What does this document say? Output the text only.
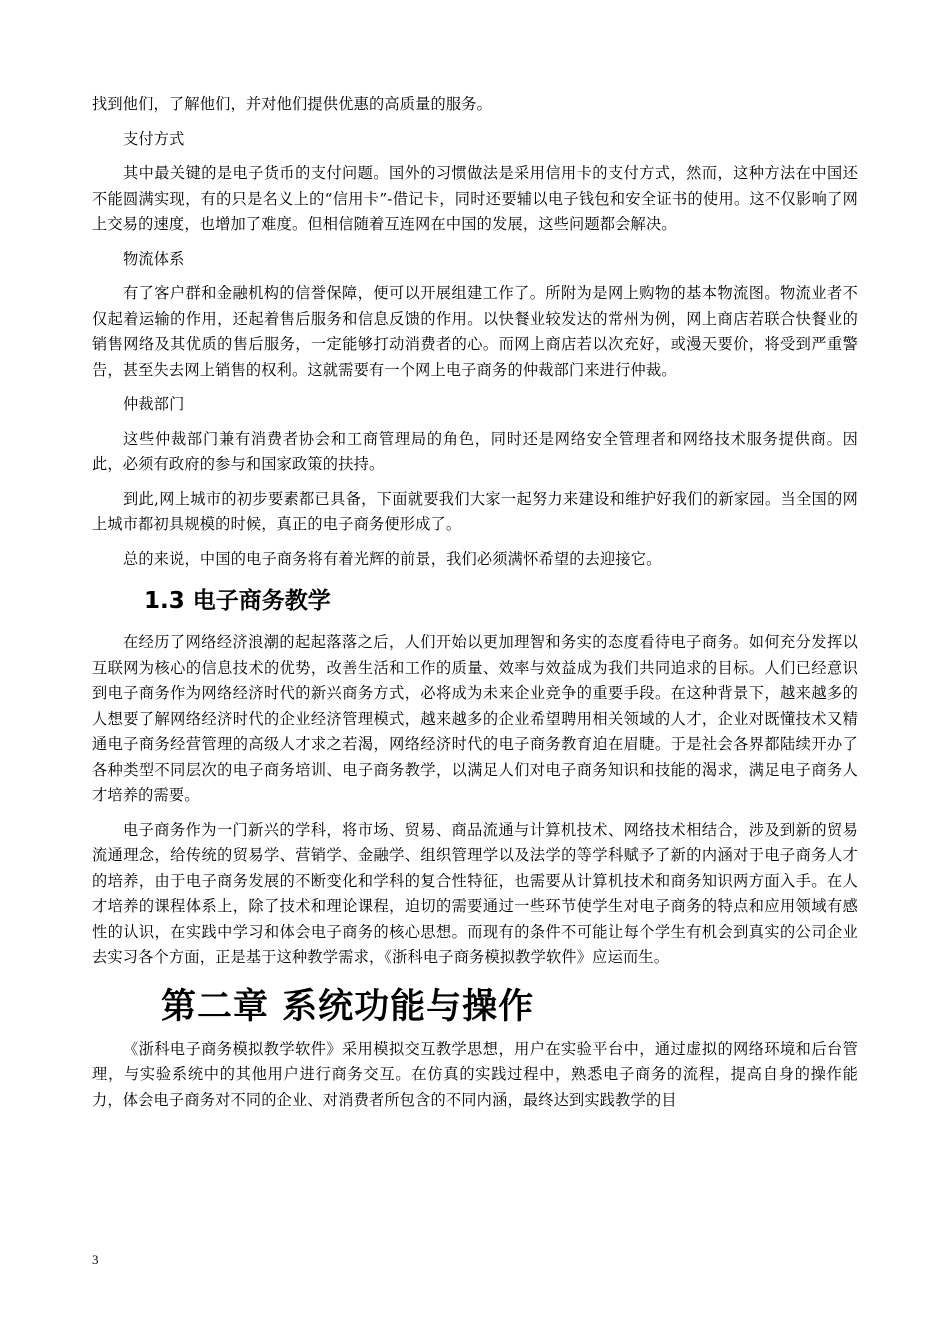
找到他们，了解他们，并对他们提供优惠的高质量的服务。

支付方式

其中最关键的是电子货币的支付问题。国外的习惯做法是采用信用卡的支付方式，然而，这种方法在中国还不能圆满实现，有的只是名义上的“信用卡”-借记卡，同时还要辅以电子钱包和安全证书的使用。这不仅影响了网上交易的速度，也增加了难度。但相信随着互连网在中国的发展，这些问题都会解决。

物流体系

有了客户群和金融机构的信誉保障，便可以开展组建工作了。所附为是网上购物的基本物流图。物流业者不仅起着运输的作用，还起着售后服务和信息反馈的作用。以快餐业较发达的常州为例，网上商店若联合快餐业的销售网络及其优质的售后服务，一定能够打动消费者的心。而网上商店若以次充好，或漫天要价，将受到严重警告，甚至失去网上销售的权利。这就需要有一个网上电子商务的仲裁部门来进行仲裁。

仲裁部门

这些仲裁部门兼有消费者协会和工商管理局的角色，同时还是网络安全管理者和网络技术服务提供商。因此，必须有政府的参与和国家政策的扶持。

到此,网上城市的初步要素都已具备，下面就要我们大家一起努力来建设和维护好我们的新家园。当全国的网上城市都初具规模的时候，真正的电子商务便形成了。

总的来说，中国的电子商务将有着光辉的前景，我们必须满怀希望的去迎接它。

1.3 电子商务教学

在经历了网络经济浪潮的起起落落之后，人们开始以更加理智和务实的态度看待电子商务。如何充分发挥以互联网为核心的信息技术的优势，改善生活和工作的质量、效率与效益成为我们共同追求的目标。人们已经意识到电子商务作为网络经济时代的新兴商务方式，必将成为未来企业竞争的重要手段。在这种背景下，越来越多的人想要了解网络经济时代的企业经济管理模式，越来越多的企业希望聘用相关领域的人才，企业对既懂技术又精通电子商务经营管理的高级人才求之若渴，网络经济时代的电子商务教育迫在眉睫。于是社会各界都陆续开办了各种类型不同层次的电子商务培训、电子商务教学，以满足人们对电子商务知识和技能的渴求，满足电子商务人才培养的需要。

电子商务作为一门新兴的学科，将市场、贸易、商品流通与计算机技术、网络技术相结合，涉及到新的贸易流通理念，给传统的贸易学、营销学、金融学、组织管理学以及法学的等学科赋予了新的内涵对于电子商务人才的培养，由于电子商务发展的不断变化和学科的复合性特征，也需要从计算机技术和商务知识两方面入手。在人才培养的课程体系上，除了技术和理论课程，迫切的需要通过一些环节使学生对电子商务的特点和应用领域有感性的认识，在实践中学习和体会电子商务的核心思想。而现有的条件不可能让每个学生有机会到真实的公司企业去实习各个方面，正是基于这种教学需求，《浙科电子商务模拟教学软件》应运而生。

第二章 系统功能与操作

《浙科电子商务模拟教学软件》采用模拟交互教学思想，用户在实验平台中，通过虚拟的网络环境和后台管理，与实验系统中的其他用户进行商务交互。在仿真的实践过程中，熟悉电子商务的流程，提高自身的操作能力，体会电子商务对不同的企业、对消费者所包含的不同内涵，最终达到实践教学的目

3
